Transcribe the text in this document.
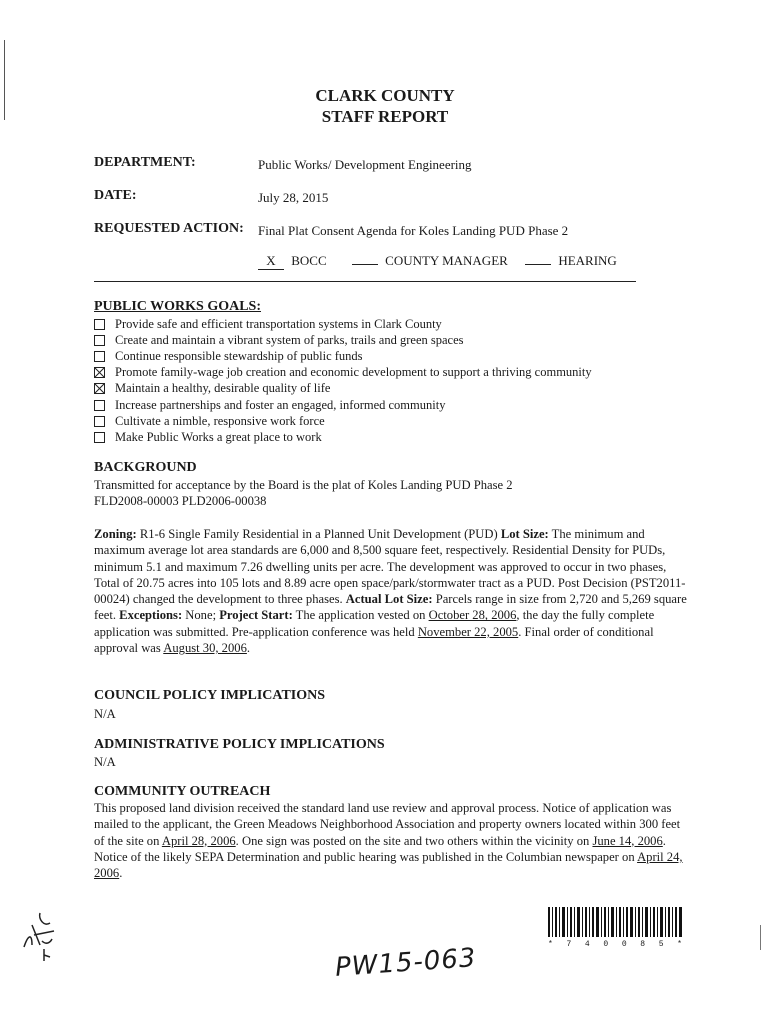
CLARK COUNTY
STAFF REPORT
DEPARTMENT:	Public Works/ Development Engineering
DATE:	July 28, 2015
REQUESTED ACTION: Final Plat Consent Agenda for Koles Landing PUD Phase 2
X BOCC	COUNTY MANAGER	HEARING
PUBLIC WORKS GOALS:
Provide safe and efficient transportation systems in Clark County
Create and maintain a vibrant system of parks, trails and green spaces
Continue responsible stewardship of public funds
Promote family-wage job creation and economic development to support a thriving community
Maintain a healthy, desirable quality of life
Increase partnerships and foster an engaged, informed community
Cultivate a nimble, responsive work force
Make Public Works a great place to work
BACKGROUND
Transmitted for acceptance by the Board is the plat of Koles Landing PUD Phase 2
FLD2008-00003 PLD2006-00038
Zoning: R1-6 Single Family Residential in a Planned Unit Development (PUD) Lot Size: The minimum and maximum average lot area standards are 6,000 and 8,500 square feet, respectively. Residential Density for PUDs, minimum 5.1 and maximum 7.26 dwelling units per acre. The development was approved to occur in two phases, Total of 20.75 acres into 105 lots and 8.89 acre open space/park/stormwater tract as a PUD. Post Decision (PST2011-00024) changed the development to three phases. Actual Lot Size: Parcels range in size from 2,720 and 5,269 square feet. Exceptions: None; Project Start: The application vested on October 28, 2006, the day the fully complete application was submitted. Pre-application conference was held November 22, 2005. Final order of conditional approval was August 30, 2006.
COUNCIL POLICY IMPLICATIONS
N/A
ADMINISTRATIVE POLICY IMPLICATIONS
N/A
COMMUNITY OUTREACH
This proposed land division received the standard land use review and approval process. Notice of application was mailed to the applicant, the Green Meadows Neighborhood Association and property owners located within 300 feet of the site on April 28, 2006. One sign was posted on the site and two others within the vicinity on June 14, 2006. Notice of the likely SEPA Determination and public hearing was published in the Columbian newspaper on April 24, 2006.
PW15-063	* 7 4 0 0 8 5 *
